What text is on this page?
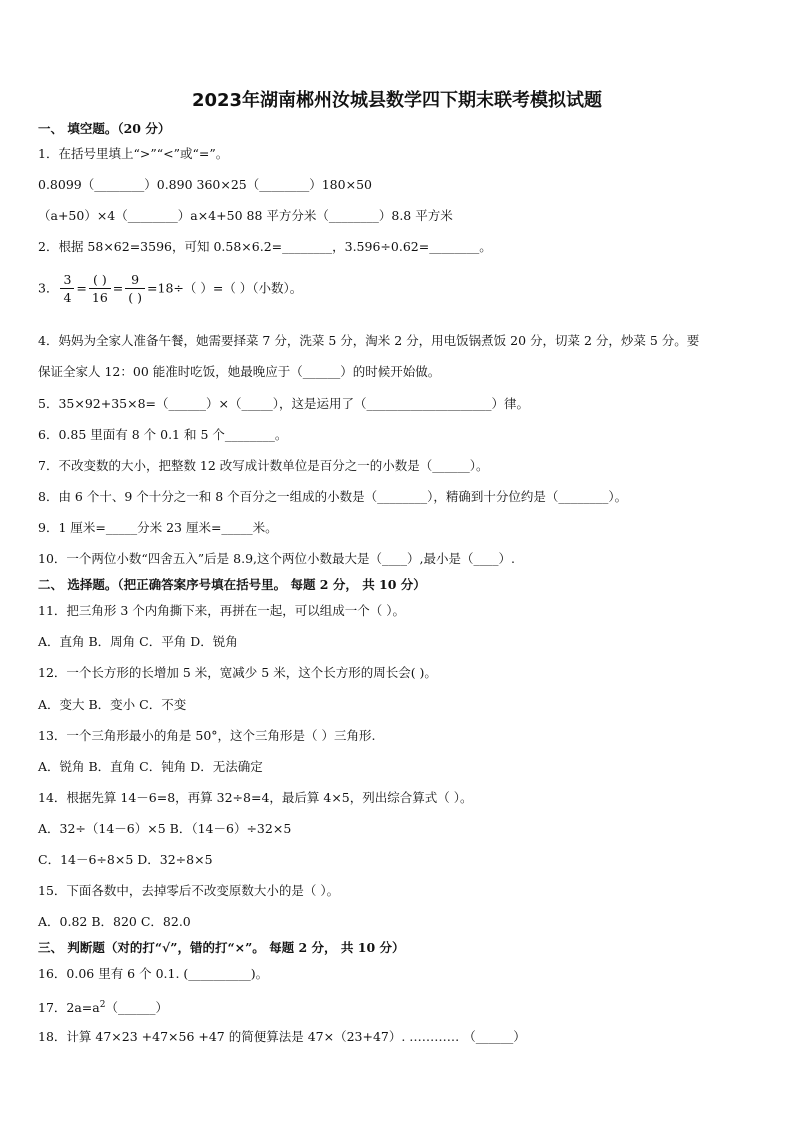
2023年湖南郴州汝城县数学四下期末联考模拟试题
一、 填空题。（20 分）
1．在括号里填上“>”“<”或“=”。
0.8099（________）0.890 360×25（________）180×50
（a+50）×4（________）a×4+50 88 平方分米（________）8.8 平方米
2．根据 58×62=3596，可知 0.58×6.2=________，3.596÷0.62=________。
3． $\frac{3}{4} = \frac{( )}{16} = \frac{9}{( )} =18\div$（ ）=（ ）（小数）。
4．妈妈为全家人准备午餐，她需要择菜 7 分，洗菜 5 分，淘米 2 分，用电饭锅煮饭 20 分，切菜 2 分，炒菜 5 分。要
保证全家人 12：00 能准时吃饭，她最晚应于（______）的时候开始做。
5．35×92+35×8=（______）×（_____），这是运用了（____________________）律。
6．0.85 里面有 8 个 0.1 和 5 个________。
7．不改变数的大小，把整数 12 改写成计数单位是百分之一的小数是（______）。
8．由 6 个十、9 个十分之一和 8 个百分之一组成的小数是（________），精确到十分位约是（________）。
9．1 厘米=_____分米 23 厘米=_____米。
10．一个两位小数“四舍五入”后是 8.9,这个两位小数最大是（____）,最小是（____）.
二、 选择题。（把正确答案序号填在括号里。 每题 2 分， 共 10 分）
11．把三角形 3 个内角撕下来，再拼在一起，可以组成一个（ ）。
A．直角 B．周角 C．平角 D．锐角
12．一个长方形的长增加 5 米，宽减少 5 米，这个长方形的周长会( )。
A．变大 B．变小 C．不变
13．一个三角形最小的角是 50°，这个三角形是（ ）三角形.
A．锐角 B．直角 C．钝角 D．无法确定
14．根据先算 14－6=8，再算 32÷8=4，最后算 4×5，列出综合算式（ ）。
A．32÷（14－6）×5 B．（14－6）÷32×5
C．14－6÷8×5 D．32÷8×5
15．下面各数中，去掉零后不改变原数大小的是（ ）。
A．0.82 B．820 C．82.0
三、 判断题（对的打“√”，错的打“×”。 每题 2 分， 共 10 分）
16．0.06 里有 6 个 0.1. (__________)。
17．$2a=a^2(\_\_\_\_\_\_)$
18．计算 47×23 +47×56 +47 的简便算法是 47×（23+47）. ………… （______）
